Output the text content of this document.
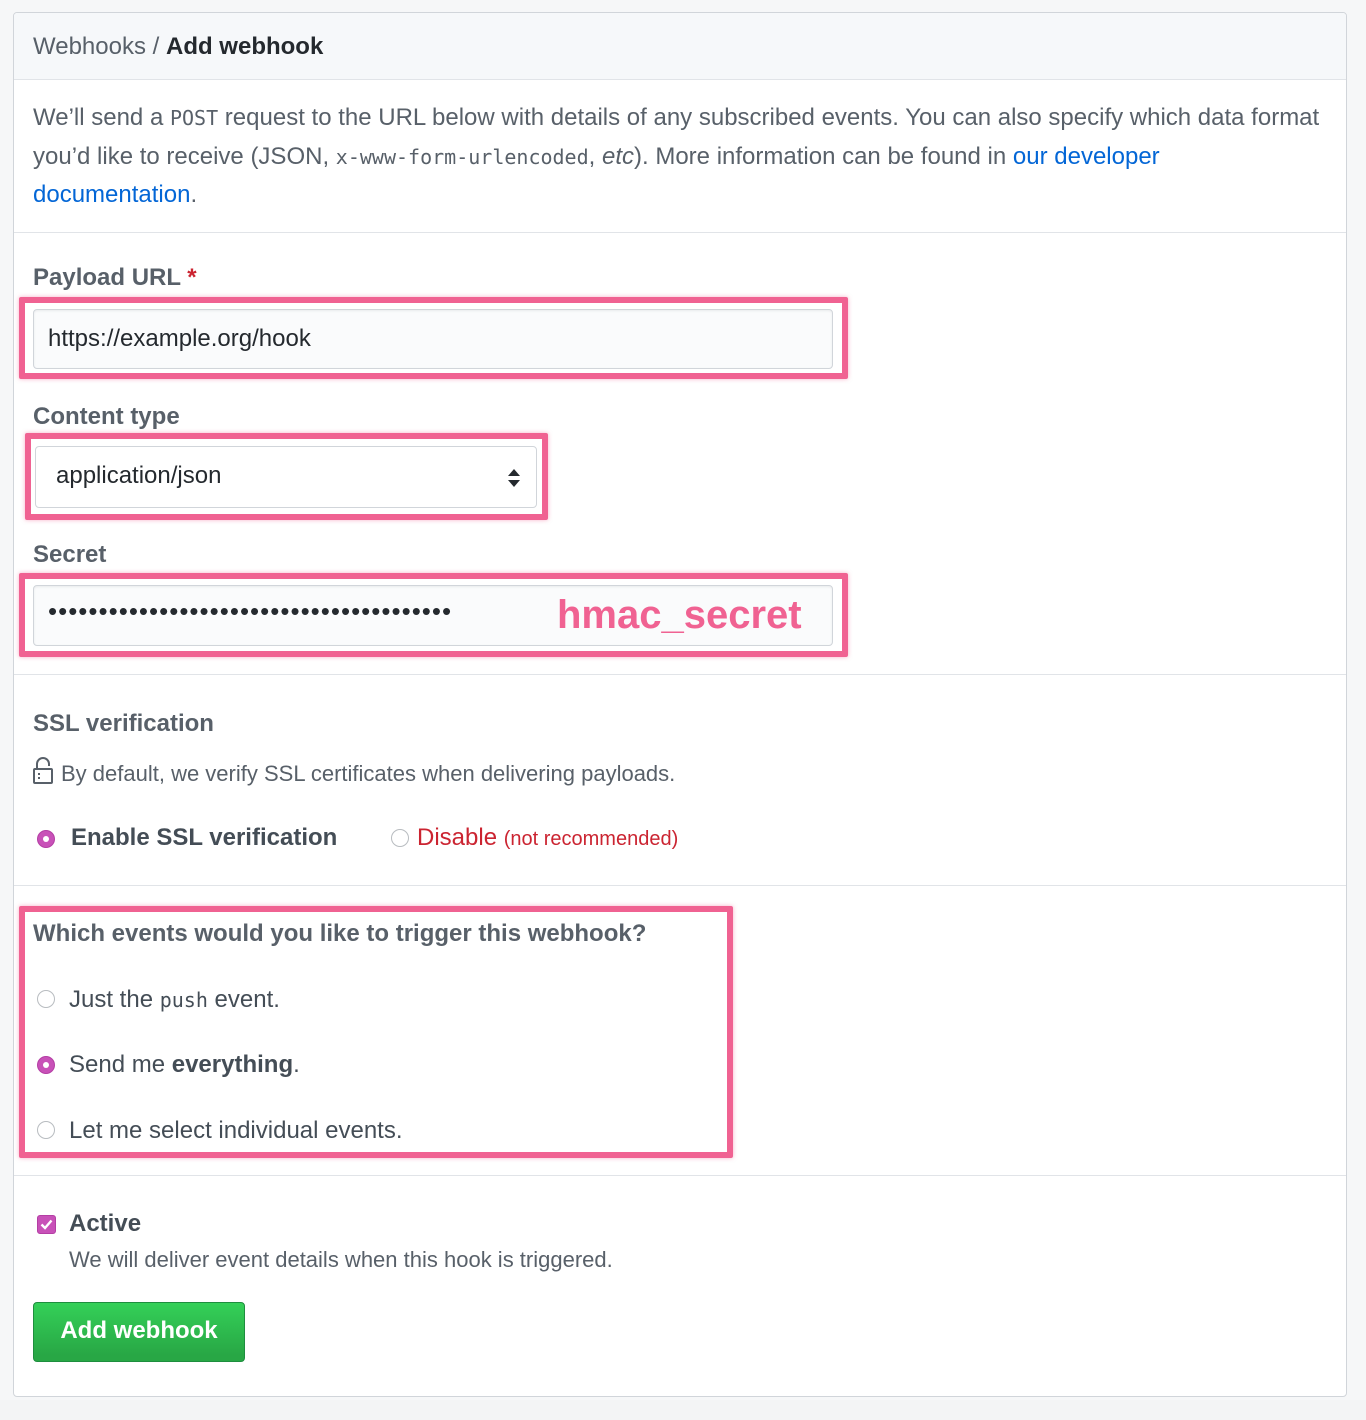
Webhooks / Add webhook
We’ll send a POST request to the URL below with details of any subscribed events. You can also specify which data format you’d like to receive (JSON, x-www-form-urlencoded, etc). More information can be found in our developer documentation.
Payload URL *
https://example.org/hook
Content type
application/json
Secret
••••••••••••••••••••••••••••••••••••••••	hmac_secret
SSL verification
By default, we verify SSL certificates when delivering payloads.
Enable SSL verification	Disable (not recommended)
Which events would you like to trigger this webhook?
Just the push event.
Send me everything.
Let me select individual events.
Active
We will deliver event details when this hook is triggered.
Add webhook
